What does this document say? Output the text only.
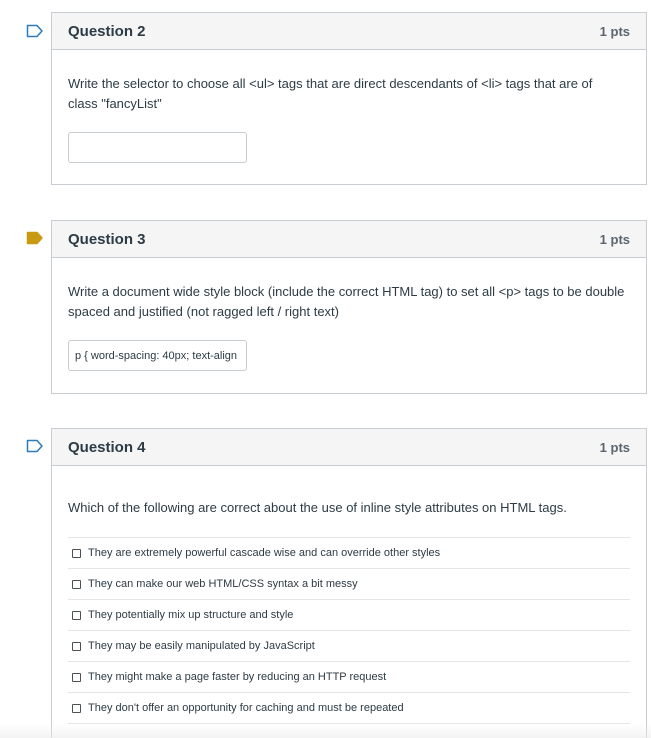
Question 2	1 pts
Write the selector to choose all <ul> tags that are direct descendants of <li> tags that are of class "fancyList"
Question 3	1 pts
Write a document wide style block (include the correct HTML tag) to set all <p> tags to be double spaced and justified (not ragged left / right text)
p { word-spacing: 40px; text-align
Question 4	1 pts
Which of the following are correct about the use of inline style attributes on HTML tags.
They are extremely powerful cascade wise and can override other styles
They can make our web HTML/CSS syntax a bit messy
They potentially mix up structure and style
They may be easily manipulated by JavaScript
They might make a page faster by reducing an HTTP request
They don't offer an opportunity for caching and must be repeated
